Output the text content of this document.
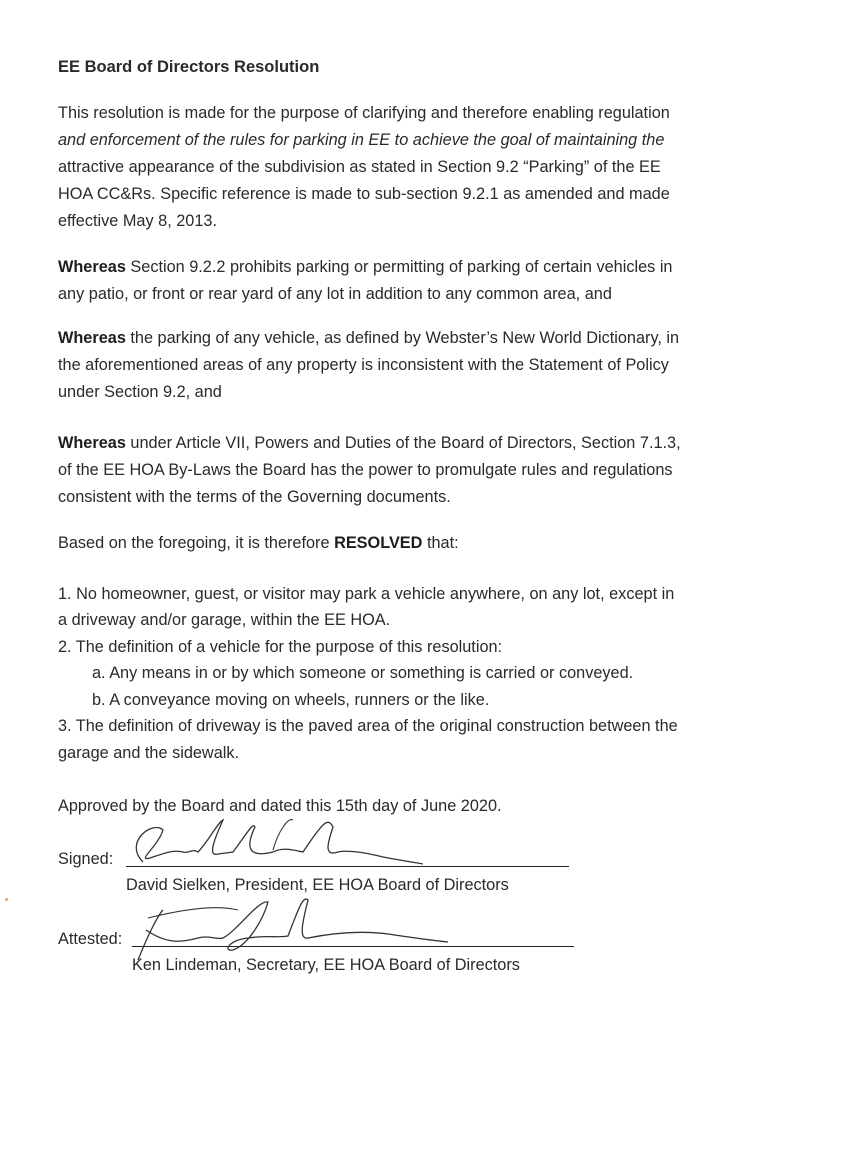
EE Board of Directors Resolution
This resolution is made for the purpose of clarifying and therefore enabling regulation
and enforcement of the rules for parking in EE to achieve the goal of maintaining the
attractive appearance of the subdivision as stated in Section 9.2 “Parking” of the EE
HOA CC&Rs. Specific reference is made to sub-section 9.2.1 as amended and made
effective May 8, 2013.
Whereas Section 9.2.2 prohibits parking or permitting of parking of certain vehicles in
any patio, or front or rear yard of any lot in addition to any common area, and
Whereas the parking of any vehicle, as defined by Webster’s New World Dictionary, in
the aforementioned areas of any property is inconsistent with the Statement of Policy
under Section 9.2, and
Whereas under Article VII, Powers and Duties of the Board of Directors, Section 7.1.3,
of the EE HOA By-Laws the Board has the power to promulgate rules and regulations
consistent with the terms of the Governing documents.
Based on the foregoing, it is therefore RESOLVED that:
1. No homeowner, guest, or visitor may park a vehicle anywhere, on any lot, except in
a driveway and/or garage, within the EE HOA.
2. The definition of a vehicle for the purpose of this resolution:
a. Any means in or by which someone or something is carried or conveyed.
b. A conveyance moving on wheels, runners or the like.
3. The definition of driveway is the paved area of the original construction between the
garage and the sidewalk.
Approved by the Board and dated this 15th day of June 2020.
Signed:
David Sielken, President, EE HOA Board of Directors
Attested:
Ken Lindeman, Secretary, EE HOA Board of Directors
